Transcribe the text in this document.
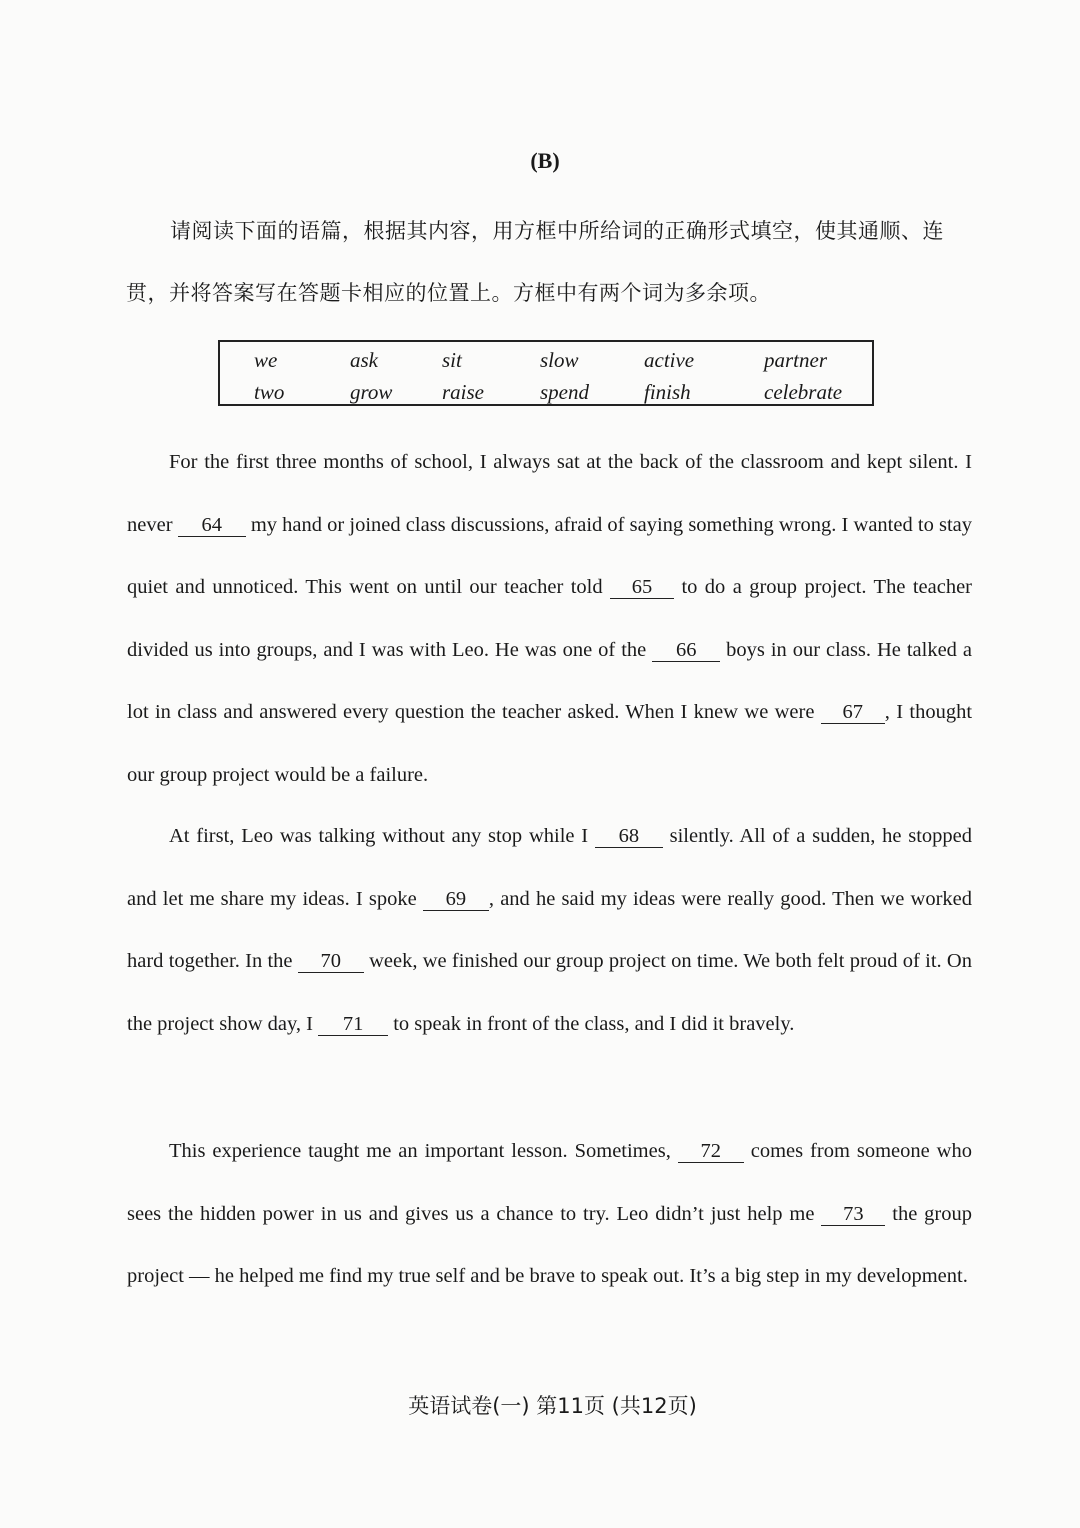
(B)
请阅读下面的语篇，根据其内容，用方框中所给词的正确形式填空，使其通顺、连贯，并将答案写在答题卡相应的位置上。方框中有两个词为多余项。
we	ask	sit	slow	active	partner
two	grow	raise	spend	finish	celebrate

For the first three months of school, I always sat at the back of the classroom and kept silent. I never 64 my hand or joined class discussions, afraid of saying something wrong. I wanted to stay quiet and unnoticed. This went on until our teacher told 65 to do a group project. The teacher divided us into groups, and I was with Leo. He was one of the 66 boys in our class. He talked a lot in class and answered every question the teacher asked. When I knew we were 67 , I thought our group project would be a failure.

At first, Leo was talking without any stop while I 68 silently. All of a sudden, he stopped and let me share my ideas. I spoke 69 , and he said my ideas were really good. Then we worked hard together. In the 70 week, we finished our group project on time. We both felt proud of it. On the project show day, I 71 to speak in front of the class, and I did it bravely.

This experience taught me an important lesson. Sometimes, 72 comes from someone who sees the hidden power in us and gives us a chance to try. Leo didn’t just help me 73 the group project — he helped me find my true self and be brave to speak out. It’s a big step in my development.

英语试卷(一) 第11页 (共12页)
